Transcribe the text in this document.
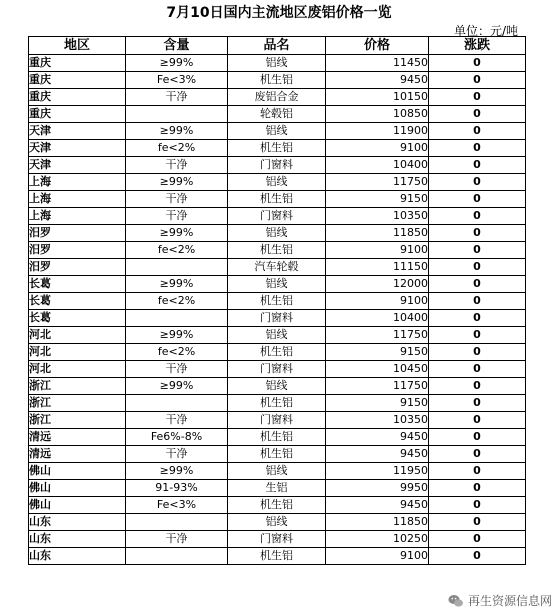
7月10日国内主流地区废铝价格一览
单位：元/吨
地区	含量	品名	价格	涨跌
重庆	≥99%	铝线	11450	0
重庆	Fe<3%	机生铝	9450	0
重庆	干净	废铝合金	10150	0
重庆		轮毂铝	10850	0
天津	≥99%	铝线	11900	0
天津	fe<2%	机生铝	9100	0
天津	干净	门窗料	10400	0
上海	≥99%	铝线	11750	0
上海	干净	机生铝	9150	0
上海	干净	门窗料	10350	0
汨罗	≥99%	铝线	11850	0
汨罗	fe<2%	机生铝	9100	0
汨罗		汽车轮毂	11150	0
长葛	≥99%	铝线	12000	0
长葛	fe<2%	机生铝	9100	0
长葛		门窗料	10400	0
河北	≥99%	铝线	11750	0
河北	fe<2%	机生铝	9150	0
河北	干净	门窗料	10450	0
浙江	≥99%	铝线	11750	0
浙江		机生铝	9150	0
浙江	干净	门窗料	10350	0
清远	Fe6%-8%	机生铝	9450	0
清远	干净	机生铝	9450	0
佛山	≥99%	铝线	11950	0
佛山	91-93%	生铝	9950	0
佛山	Fe<3%	机生铝	9450	0
山东		铝线	11850	0
山东	干净	门窗料	10250	0
山东		机生铝	9100	0
再生资源信息网
